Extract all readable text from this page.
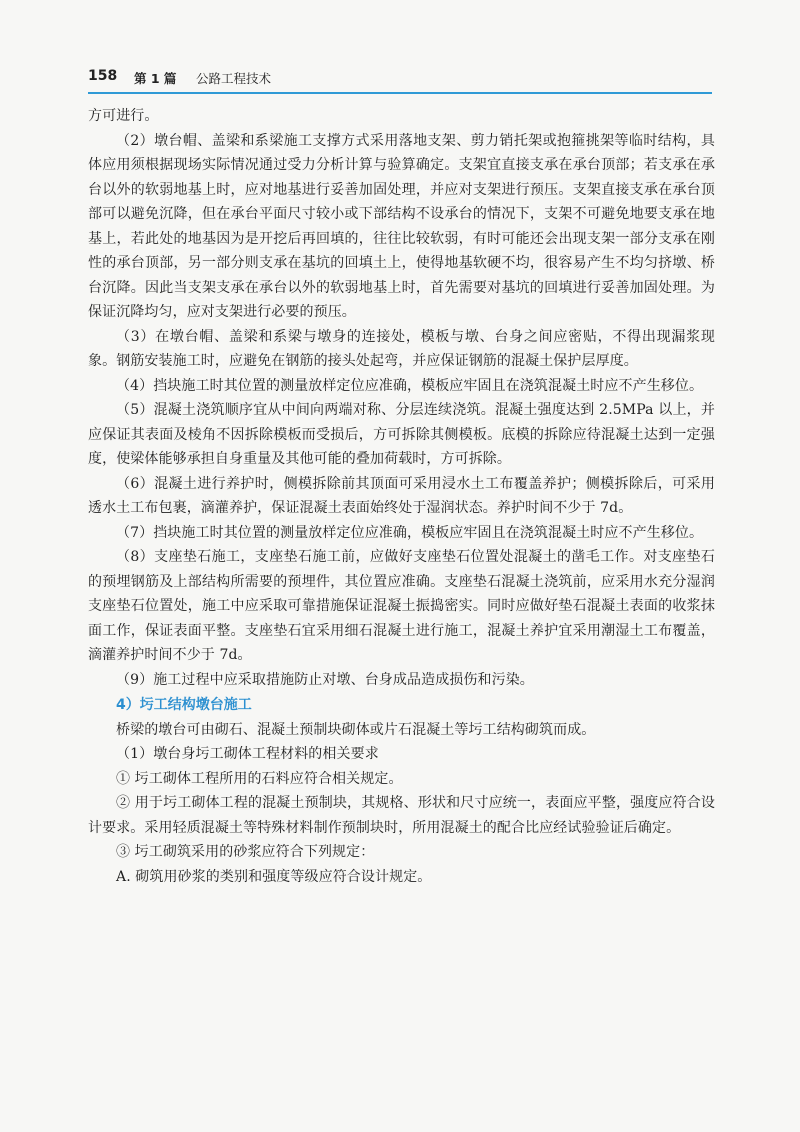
158 第 1 篇 公路工程技术

方可进行。

（2）墩台帽、盖梁和系梁施工支撑方式采用落地支架、剪力销托架或抱箍挑架等临时结构，具体应用须根据现场实际情况通过受力分析计算与验算确定。支架宜直接支承在承台顶部；若支承在承台以外的软弱地基上时，应对地基进行妥善加固处理，并应对支架进行预压。支架直接支承在承台顶部可以避免沉降，但在承台平面尺寸较小或下部结构不设承台的情况下，支架不可避免地要支承在地基上，若此处的地基因为是开挖后再回填的，往往比较软弱，有时可能还会出现支架一部分支承在刚性的承台顶部，另一部分则支承在基坑的回填土上，使得地基软硬不均，很容易产生不均匀挤墩、桥台沉降。因此当支架支承在承台以外的软弱地基上时，首先需要对基坑的回填进行妥善加固处理。为保证沉降均匀，应对支架进行必要的预压。

（3）在墩台帽、盖梁和系梁与墩身的连接处，模板与墩、台身之间应密贴，不得出现漏浆现象。钢筋安装施工时，应避免在钢筋的接头处起弯，并应保证钢筋的混凝土保护层厚度。

（4）挡块施工时其位置的测量放样定位应准确，模板应牢固且在浇筑混凝土时应不产生移位。

（5）混凝土浇筑顺序宜从中间向两端对称、分层连续浇筑。混凝土强度达到 2.5MPa 以上，并应保证其表面及棱角不因拆除模板而受损后，方可拆除其侧模板。底模的拆除应待混凝土达到一定强度，使梁体能够承担自身重量及其他可能的叠加荷载时，方可拆除。

（6）混凝土进行养护时，侧模拆除前其顶面可采用浸水土工布覆盖养护；侧模拆除后，可采用透水土工布包裹，滴灌养护，保证混凝土表面始终处于湿润状态。养护时间不少于 7d。

（7）挡块施工时其位置的测量放样定位应准确，模板应牢固且在浇筑混凝土时应不产生移位。

（8）支座垫石施工，支座垫石施工前，应做好支座垫石位置处混凝土的凿毛工作。对支座垫石的预埋钢筋及上部结构所需要的预埋件，其位置应准确。支座垫石混凝土浇筑前，应采用水充分湿润支座垫石位置处，施工中应采取可靠措施保证混凝土振捣密实。同时应做好垫石混凝土表面的收浆抹面工作，保证表面平整。支座垫石宜采用细石混凝土进行施工，混凝土养护宜采用潮湿土工布覆盖，滴灌养护时间不少于 7d。

（9）施工过程中应采取措施防止对墩、台身成品造成损伤和污染。

4）圬工结构墩台施工

桥梁的墩台可由砌石、混凝土预制块砌体或片石混凝土等圬工结构砌筑而成。

（1）墩台身圬工砌体工程材料的相关要求

① 圬工砌体工程所用的石料应符合相关规定。

② 用于圬工砌体工程的混凝土预制块，其规格、形状和尺寸应统一，表面应平整，强度应符合设计要求。采用轻质混凝土等特殊材料制作预制块时，所用混凝土的配合比应经试验验证后确定。

③ 圬工砌筑采用的砂浆应符合下列规定：

A. 砌筑用砂浆的类别和强度等级应符合设计规定。
